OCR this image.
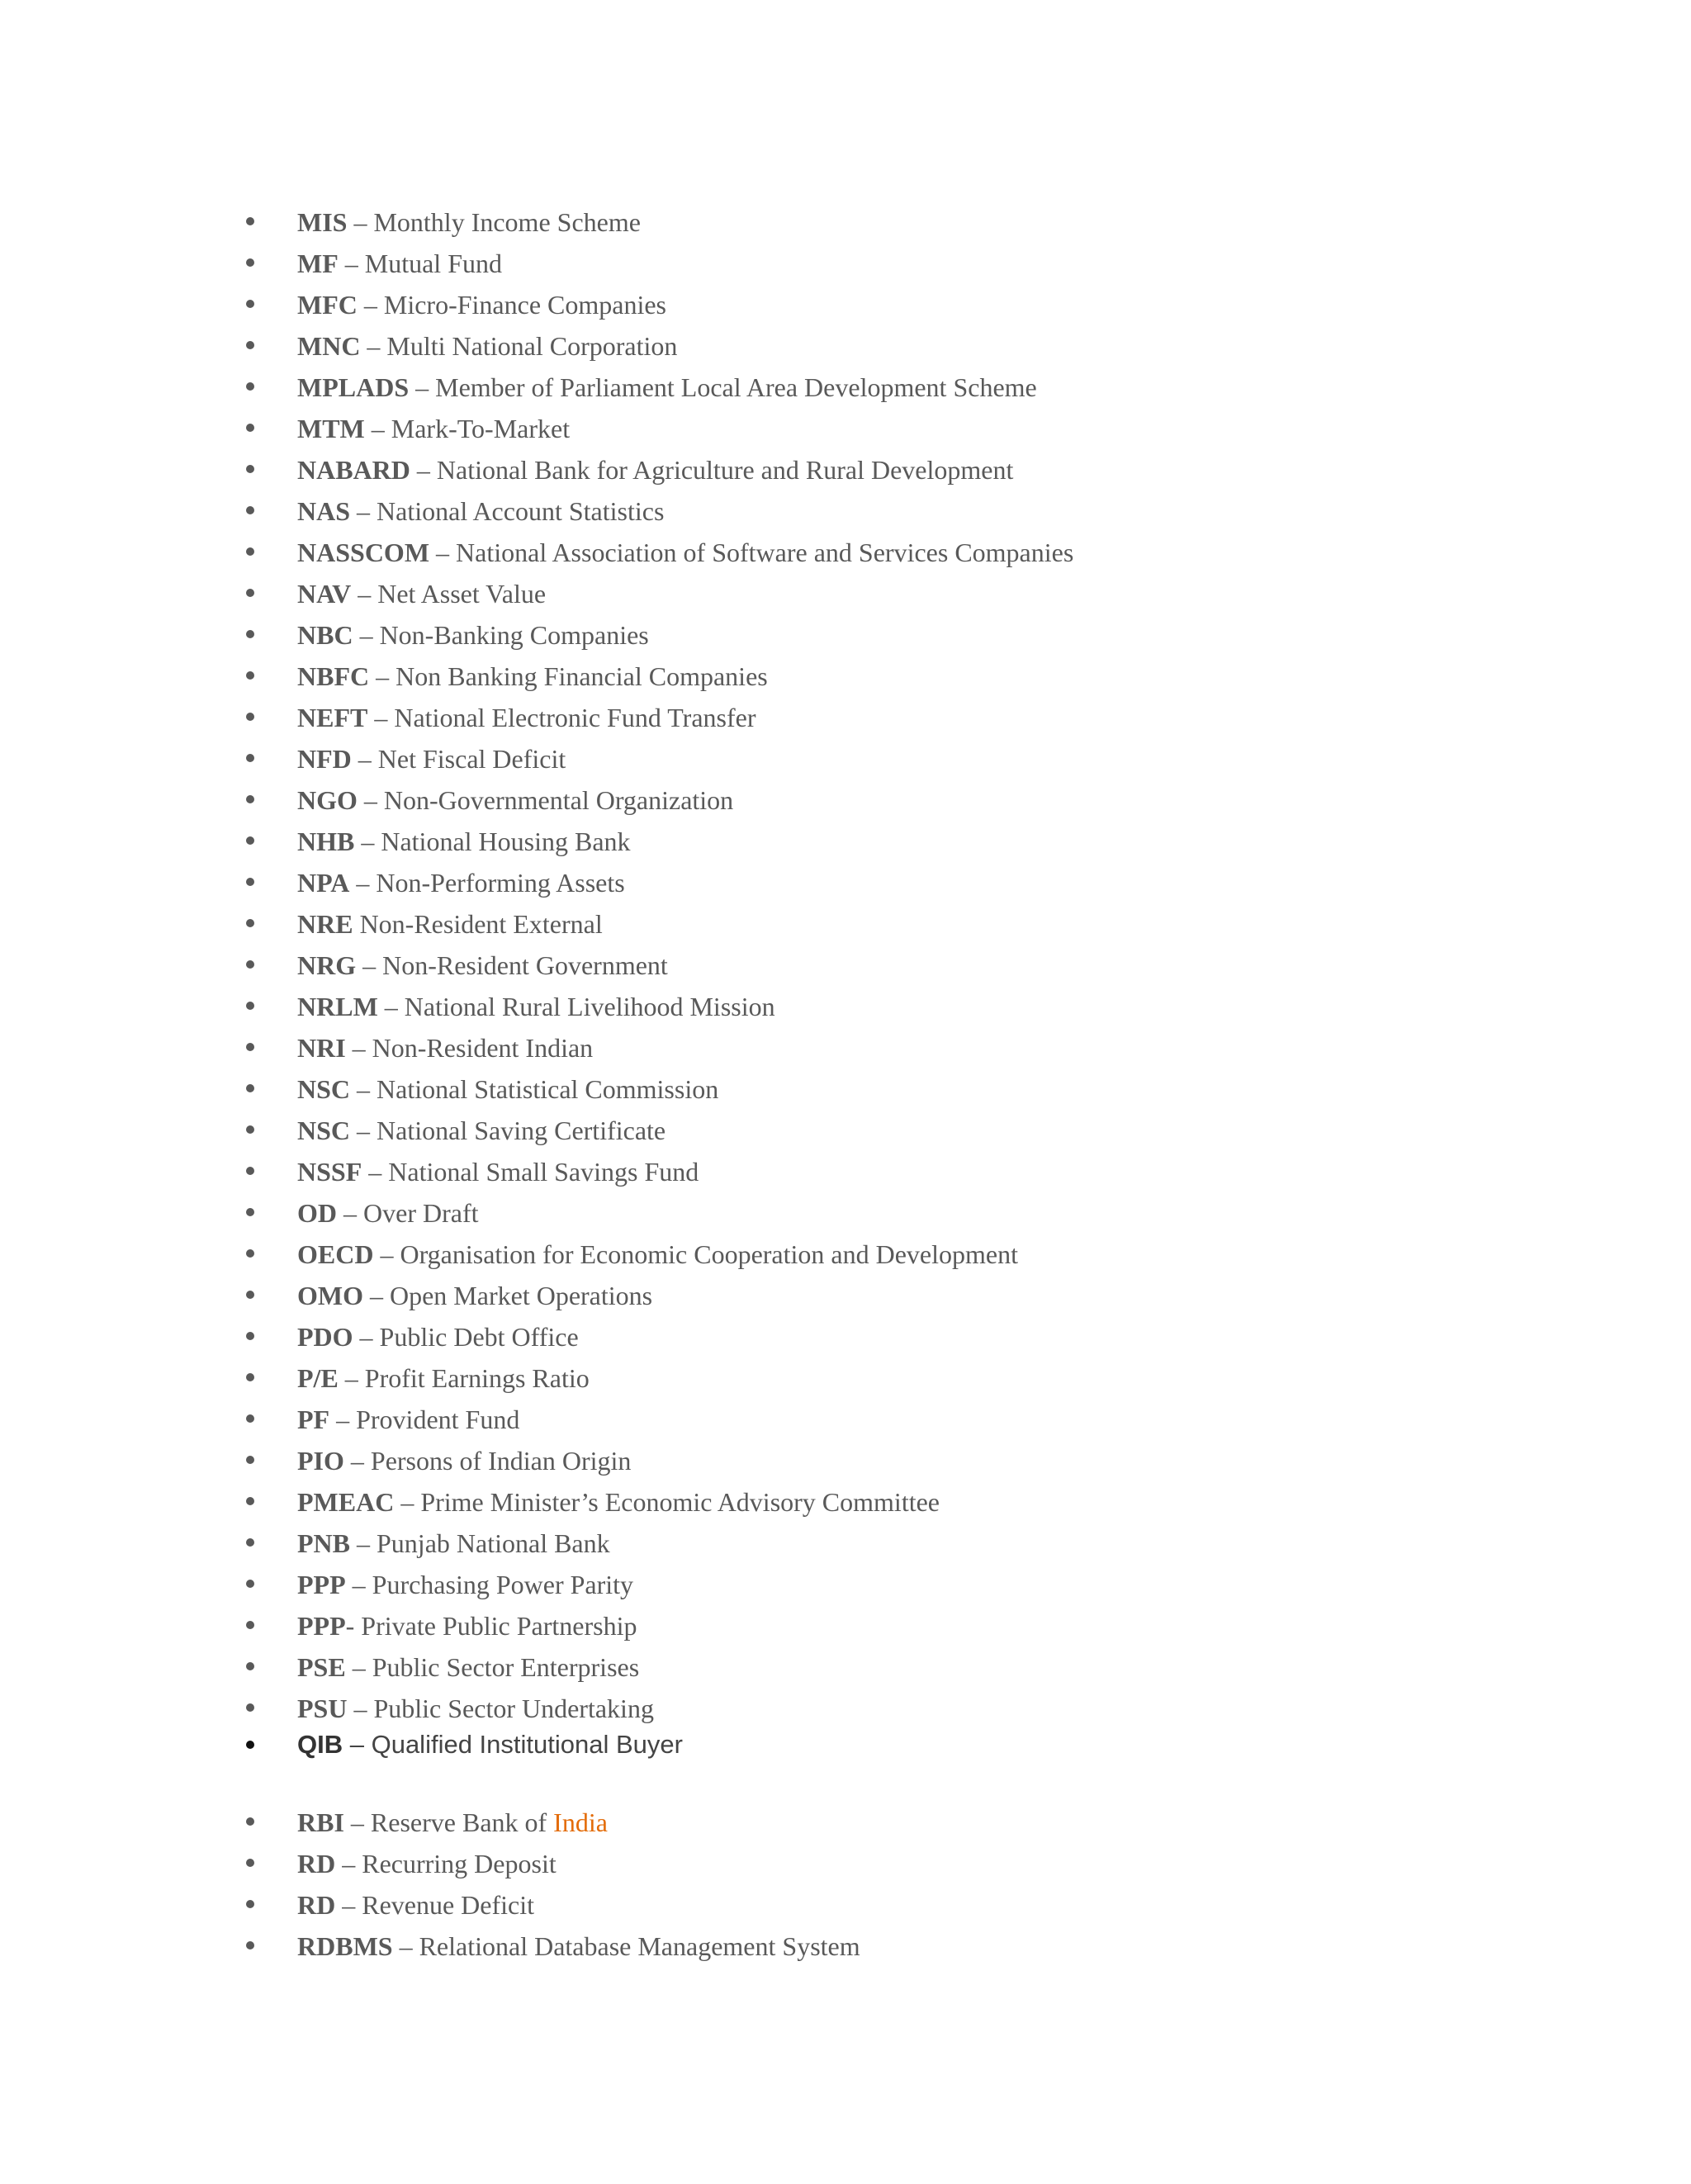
MIS – Monthly Income Scheme
MF – Mutual Fund
MFC – Micro-Finance Companies
MNC – Multi National Corporation
MPLADS – Member of Parliament Local Area Development Scheme
MTM – Mark-To-Market
NABARD – National Bank for Agriculture and Rural Development
NAS – National Account Statistics
NASSCOM – National Association of Software and Services Companies
NAV – Net Asset Value
NBC – Non-Banking Companies
NBFC – Non Banking Financial Companies
NEFT – National Electronic Fund Transfer
NFD – Net Fiscal Deficit
NGO – Non-Governmental Organization
NHB – National Housing Bank
NPA – Non-Performing Assets
NRE Non-Resident External
NRG – Non-Resident Government
NRLM – National Rural Livelihood Mission
NRI – Non-Resident Indian
NSC – National Statistical Commission
NSC – National Saving Certificate
NSSF – National Small Savings Fund
OD – Over Draft
OECD – Organisation for Economic Cooperation and Development
OMO – Open Market Operations
PDO – Public Debt Office
P/E – Profit Earnings Ratio
PF – Provident Fund
PIO – Persons of Indian Origin
PMEAC – Prime Minister’s Economic Advisory Committee
PNB – Punjab National Bank
PPP – Purchasing Power Parity
PPP- Private Public Partnership
PSE – Public Sector Enterprises
PSU – Public Sector Undertaking
QIB – Qualified Institutional Buyer
RBI – Reserve Bank of India
RD – Recurring Deposit
RD – Revenue Deficit
RDBMS – Relational Database Management System
